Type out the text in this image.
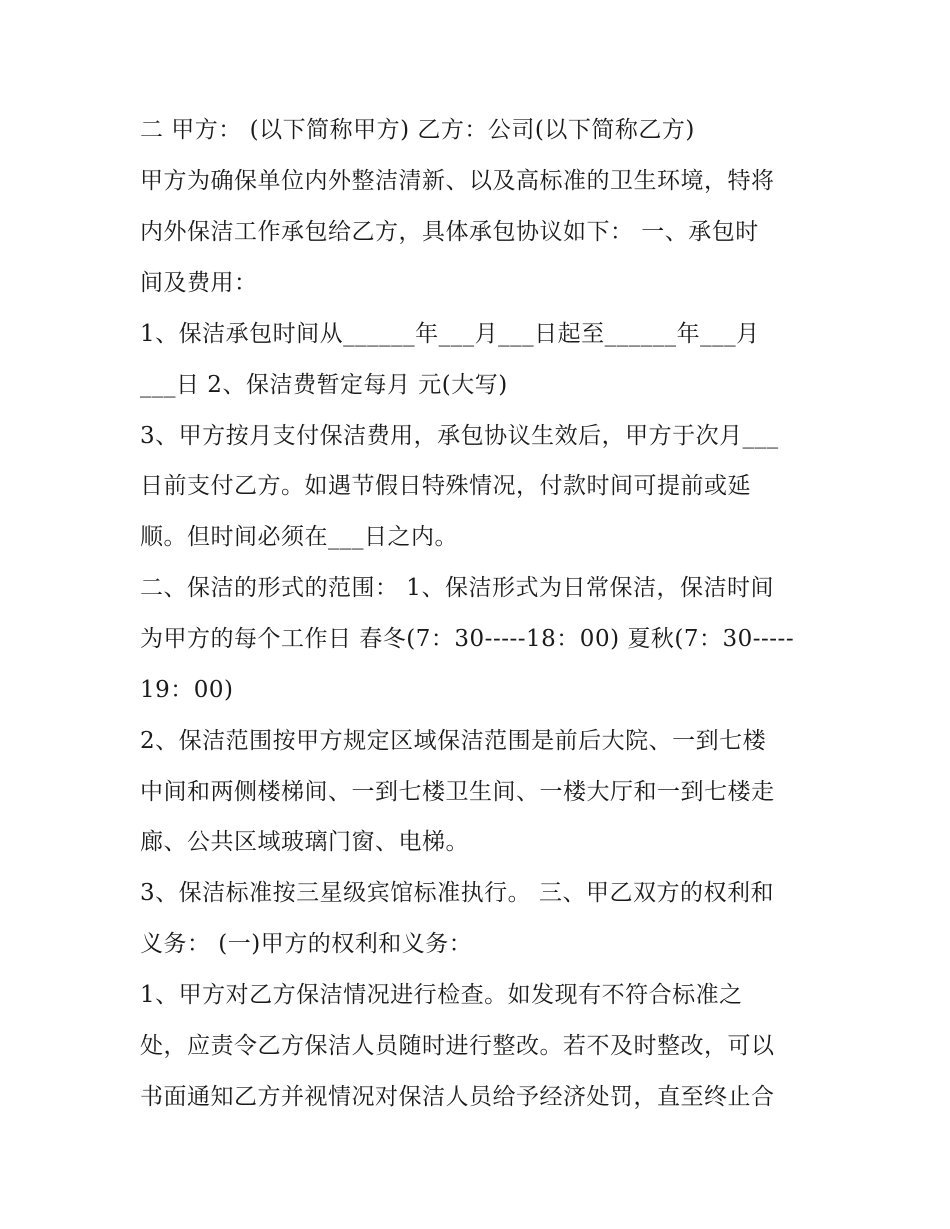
二 甲方： (以下简称甲方) 乙方：公司(以下简称乙方)
甲方为确保单位内外整洁清新、以及高标准的卫生环境，特将
内外保洁工作承包给乙方，具体承包协议如下： 一、承包时
间及费用：
1、保洁承包时间从______年___月___日起至______年___月
___日 2、保洁费暂定每月 元(大写)
3、甲方按月支付保洁费用，承包协议生效后，甲方于次月___
日前支付乙方。如遇节假日特殊情况，付款时间可提前或延
顺。但时间必须在___日之内。
二、保洁的形式的范围： 1、保洁形式为日常保洁，保洁时间
为甲方的每个工作日 春冬(7：30-----18：00) 夏秋(7：30-----
19：00)
2、保洁范围按甲方规定区域保洁范围是前后大院、一到七楼
中间和两侧楼梯间、一到七楼卫生间、一楼大厅和一到七楼走
廊、公共区域玻璃门窗、电梯。
3、保洁标准按三星级宾馆标准执行。 三、甲乙双方的权利和
义务： (一)甲方的权利和义务：
1、甲方对乙方保洁情况进行检查。如发现有不符合标准之
处，应责令乙方保洁人员随时进行整改。若不及时整改，可以
书面通知乙方并视情况对保洁人员给予经济处罚，直至终止合
